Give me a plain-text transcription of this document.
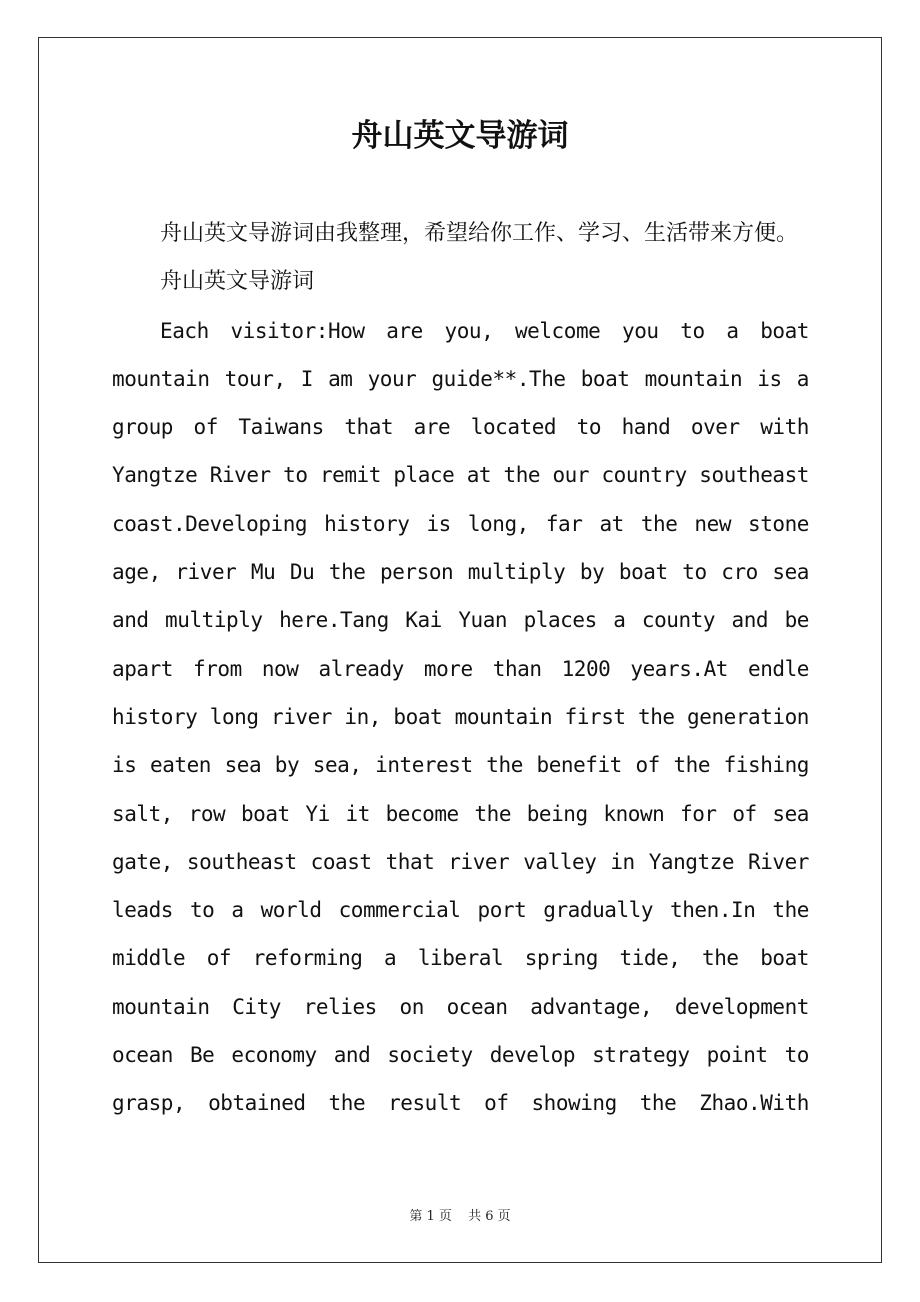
舟山英文导游词

舟山英文导游词由我整理，希望给你工作、学习、生活带来方便。

舟山英文导游词

Each visitor:How are you, welcome you to a boat mountain tour, I am your guide**.The boat mountain is a group of Taiwans that are located to hand over with Yangtze River to remit place at the our country southeast coast.Developing history is long, far at the new stone age, river Mu Du the person multiply by boat to cro sea and multiply here.Tang Kai Yuan places a county and be apart from now already more than 1200 years.At endle history long river in, boat mountain first the generation is eaten sea by sea, interest the benefit of the fishing salt, row boat Yi it become the being known for of sea gate, southeast coast that river valley in Yangtze River leads to a world commercial port gradually then.In the middle of reforming a liberal spring tide, the boat mountain City relies on ocean advantage, development ocean Be economy and society develop strategy point to grasp, obtained the result of showing the Zhao.With

第 1 页 共 6 页
